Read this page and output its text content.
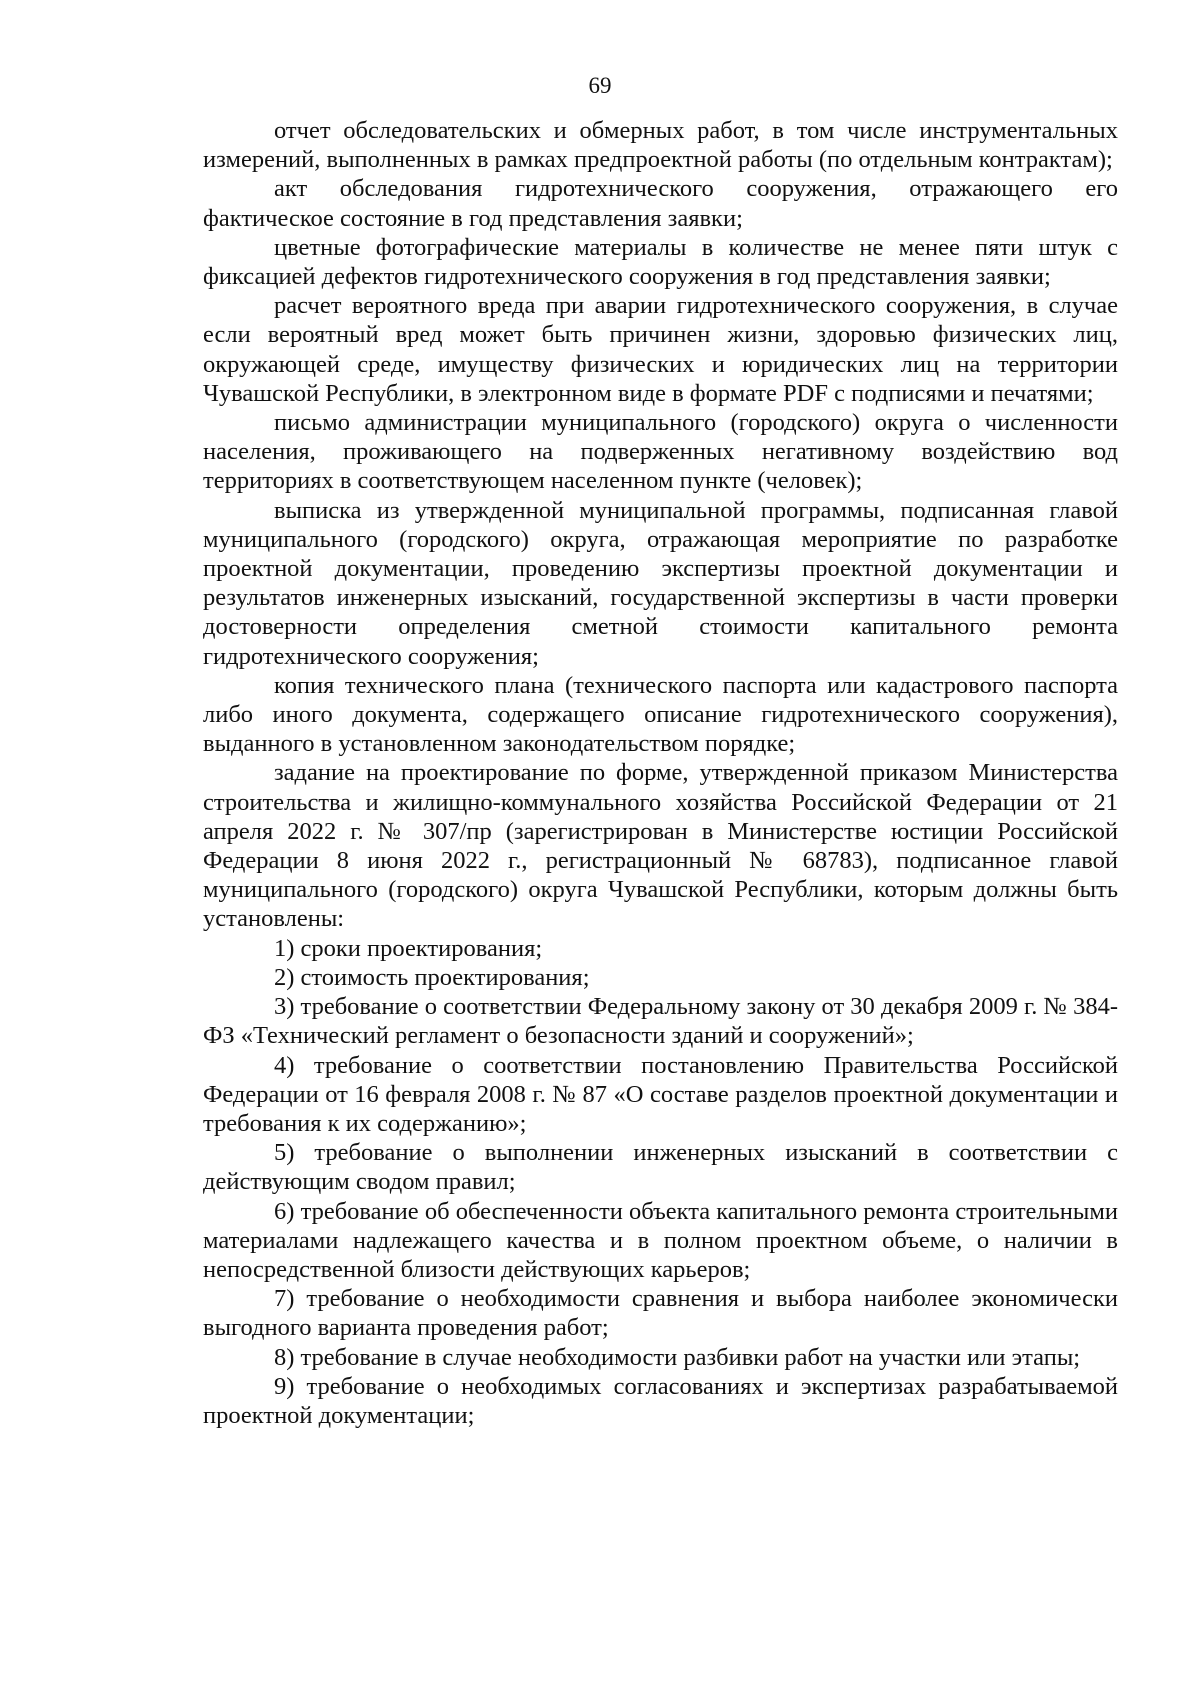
69

отчет обследовательских и обмерных работ, в том числе инструментальных измерений, выполненных в рамках предпроектной работы (по отдельным контрактам);

акт обследования гидротехнического сооружения, отражающего его фактическое состояние в год представления заявки;

цветные фотографические материалы в количестве не менее пяти штук с фиксацией дефектов гидротехнического сооружения в год представления заявки;

расчет вероятного вреда при аварии гидротехнического сооружения, в случае если вероятный вред может быть причинен жизни, здоровью физических лиц, окружающей среде, имуществу физических и юридических лиц на территории Чувашской Республики, в электронном виде в формате PDF с подписями и печатями;

письмо администрации муниципального (городского) округа о численности населения, проживающего на подверженных негативному воздействию вод территориях в соответствующем населенном пункте (человек);

выписка из утвержденной муниципальной программы, подписанная главой муниципального (городского) округа, отражающая мероприятие по разработке проектной документации, проведению экспертизы проектной документации и результатов инженерных изысканий, государственной экспертизы в части проверки достоверности определения сметной стоимости капитального ремонта гидротехнического сооружения;

копия технического плана (технического паспорта или кадастрового паспорта либо иного документа, содержащего описание гидротехнического сооружения), выданного в установленном законодательством порядке;

задание на проектирование по форме, утвержденной приказом Министерства строительства и жилищно-коммунального хозяйства Российской Федерации от 21 апреля 2022 г. № 307/пр (зарегистрирован в Министерстве юстиции Российской Федерации 8 июня 2022 г., регистрационный № 68783), подписанное главой муниципального (городского) округа Чувашской Республики, которым должны быть установлены:

1) сроки проектирования;

2) стоимость проектирования;

3) требование о соответствии Федеральному закону от 30 декабря 2009 г. № 384-ФЗ «Технический регламент о безопасности зданий и сооружений»;

4) требование о соответствии постановлению Правительства Российской Федерации от 16 февраля 2008 г. № 87 «О составе разделов проектной документации и требования к их содержанию»;

5) требование о выполнении инженерных изысканий в соответствии с действующим сводом правил;

6) требование об обеспеченности объекта капитального ремонта строительными материалами надлежащего качества и в полном проектном объеме, о наличии в непосредственной близости действующих карьеров;

7) требование о необходимости сравнения и выбора наиболее экономически выгодного варианта проведения работ;

8) требование в случае необходимости разбивки работ на участки или этапы;

9) требование о необходимых согласованиях и экспертизах разрабатываемой проектной документации;
